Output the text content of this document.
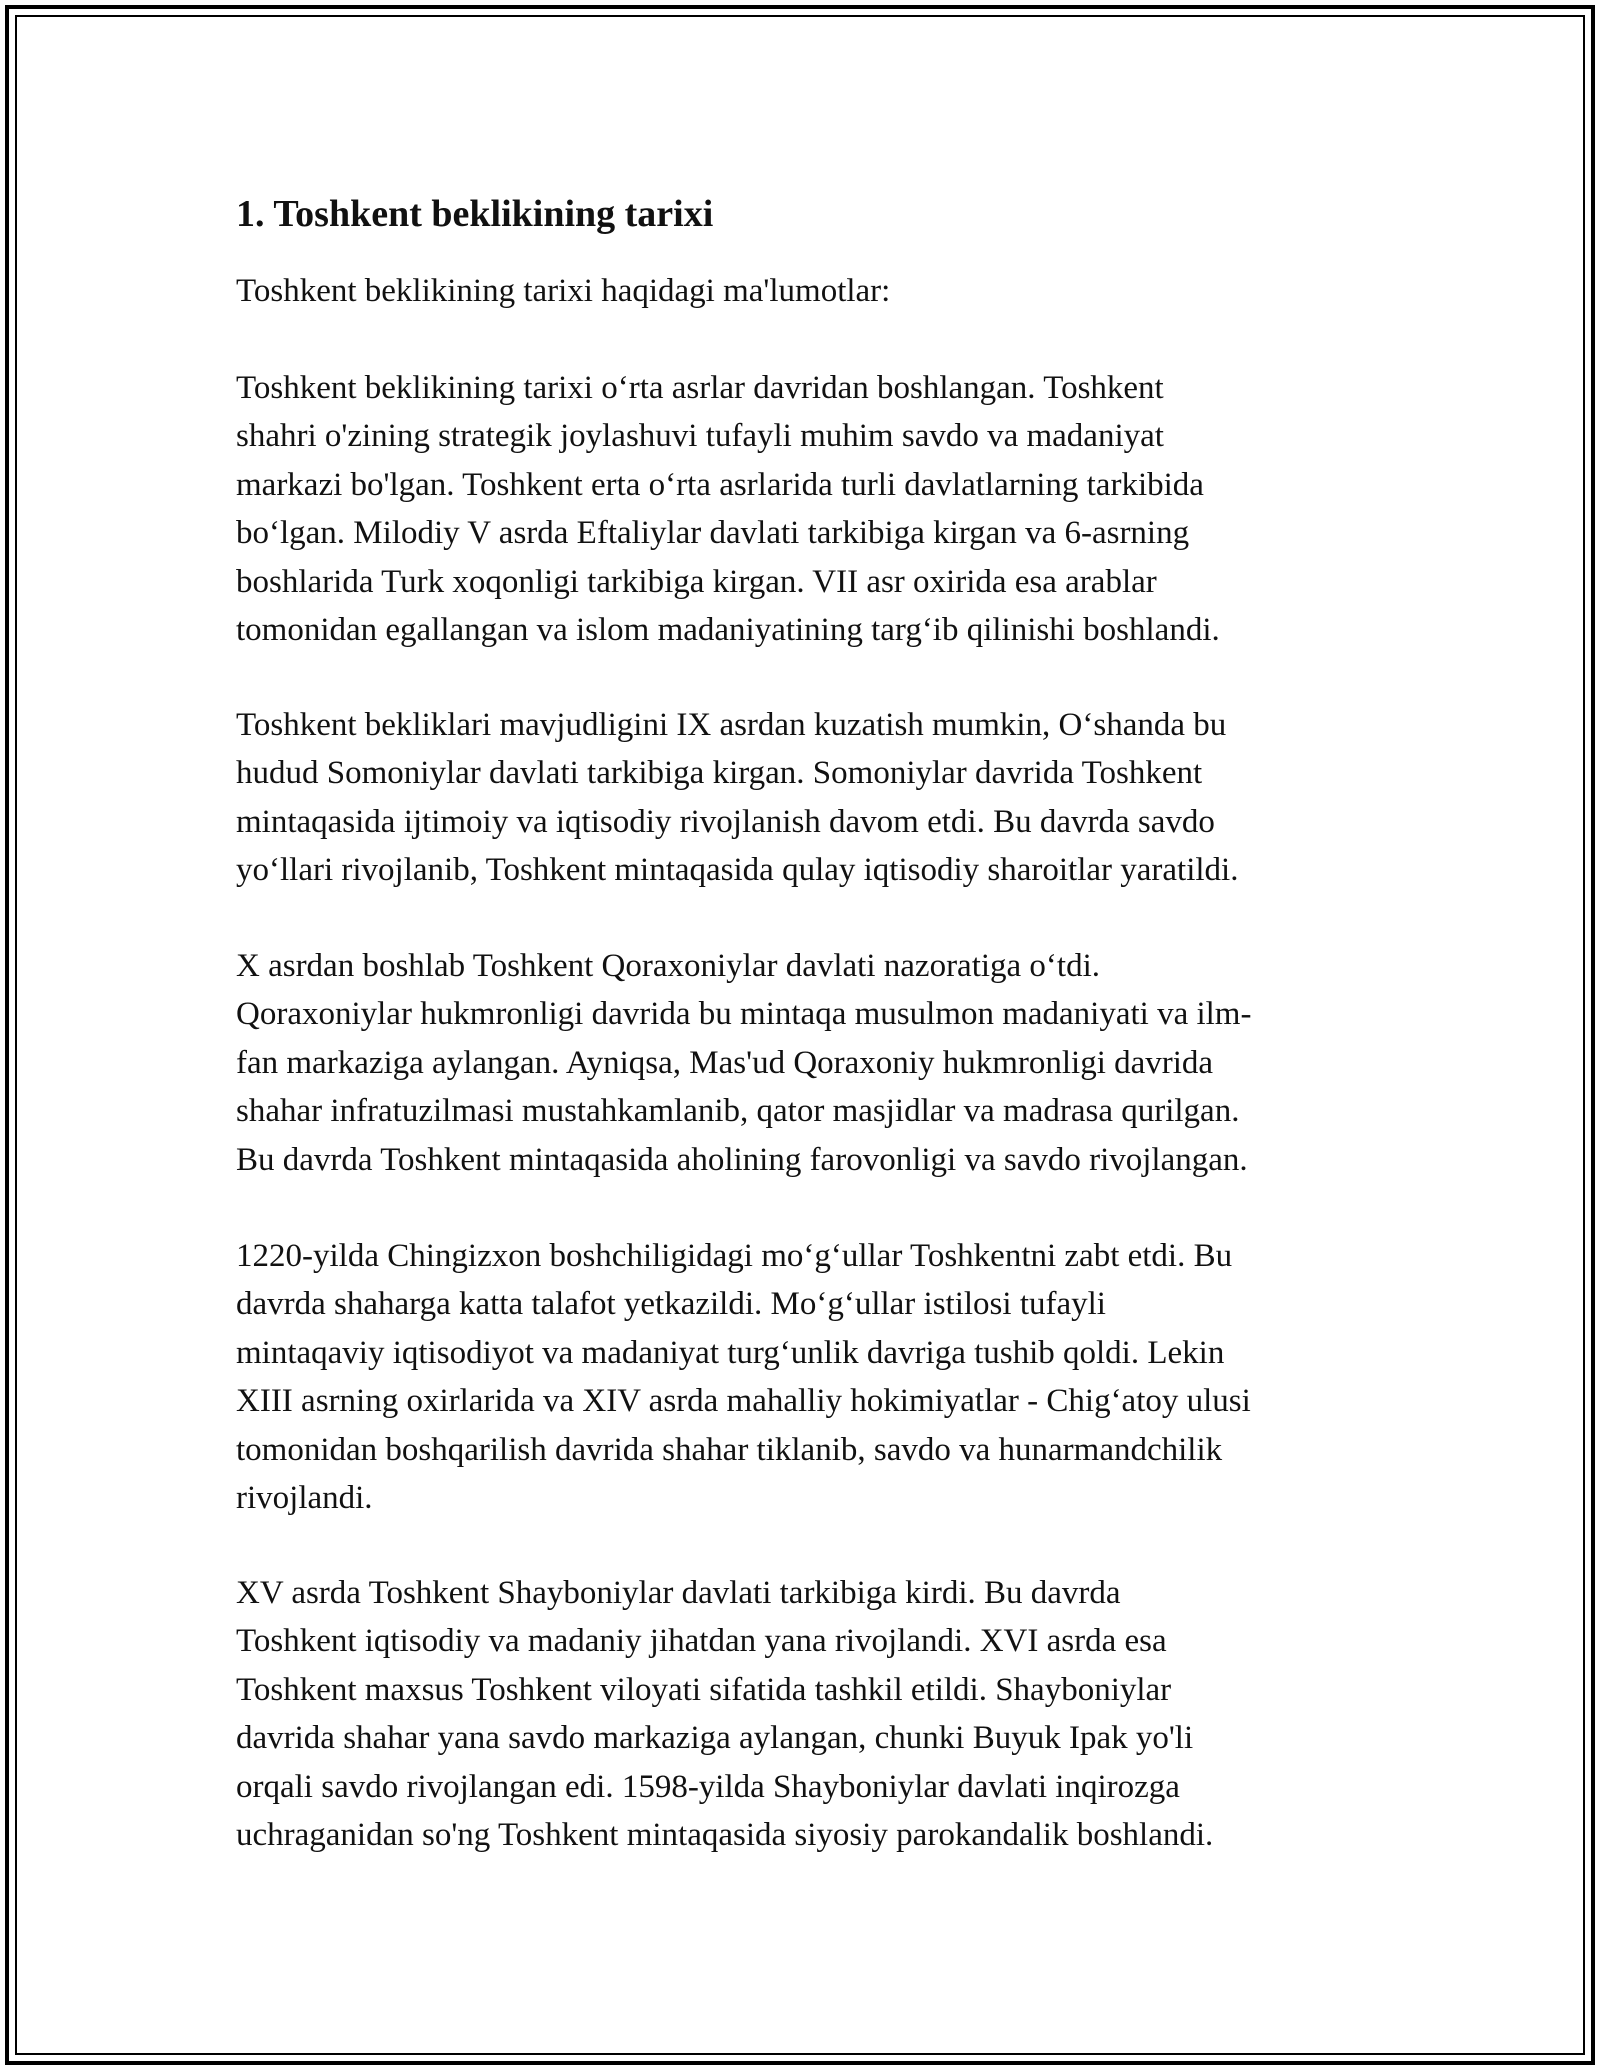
1. Toshkent beklikining tarixi

Toshkent beklikining tarixi haqidagi ma'lumotlar:

Toshkent beklikining tarixi o‘rta asrlar davridan boshlangan. Toshkent
shahri o'zining strategik joylashuvi tufayli muhim savdo va madaniyat
markazi bo'lgan. Toshkent erta o‘rta asrlarida turli davlatlarning tarkibida
bo‘lgan. Milodiy V asrda Eftaliylar davlati tarkibiga kirgan va 6-asrning
boshlarida Turk xoqonligi tarkibiga kirgan. VII asr oxirida esa arablar
tomonidan egallangan va islom madaniyatining targ‘ib qilinishi boshlandi.

Toshkent bekliklari mavjudligini IX asrdan kuzatish mumkin, O‘shanda bu
hudud Somoniylar davlati tarkibiga kirgan. Somoniylar davrida Toshkent
mintaqasida ijtimoiy va iqtisodiy rivojlanish davom etdi. Bu davrda savdo
yo‘llari rivojlanib, Toshkent mintaqasida qulay iqtisodiy sharoitlar yaratildi.

X asrdan boshlab Toshkent Qoraxoniylar davlati nazoratiga o‘tdi.
Qoraxoniylar hukmronligi davrida bu mintaqa musulmon madaniyati va ilm-
fan markaziga aylangan. Ayniqsa, Mas'ud Qoraxoniy hukmronligi davrida
shahar infratuzilmasi mustahkamlanib, qator masjidlar va madrasa qurilgan.
Bu davrda Toshkent mintaqasida aholining farovonligi va savdo rivojlangan.

1220-yilda Chingizxon boshchiligidagi mo‘g‘ullar Toshkentni zabt etdi. Bu
davrda shaharga katta talafot yetkazildi. Mo‘g‘ullar istilosi tufayli
mintaqaviy iqtisodiyot va madaniyat turg‘unlik davriga tushib qoldi. Lekin
XIII asrning oxirlarida va XIV asrda mahalliy hokimiyatlar - Chig‘atoy ulusi
tomonidan boshqarilish davrida shahar tiklanib, savdo va hunarmandchilik
rivojlandi.

XV asrda Toshkent Shayboniylar davlati tarkibiga kirdi. Bu davrda
Toshkent iqtisodiy va madaniy jihatdan yana rivojlandi. XVI asrda esa
Toshkent maxsus Toshkent viloyati sifatida tashkil etildi. Shayboniylar
davrida shahar yana savdo markaziga aylangan, chunki Buyuk Ipak yo'li
orqali savdo rivojlangan edi. 1598-yilda Shayboniylar davlati inqirozga
uchraganidan so'ng Toshkent mintaqasida siyosiy parokandalik boshlandi.
